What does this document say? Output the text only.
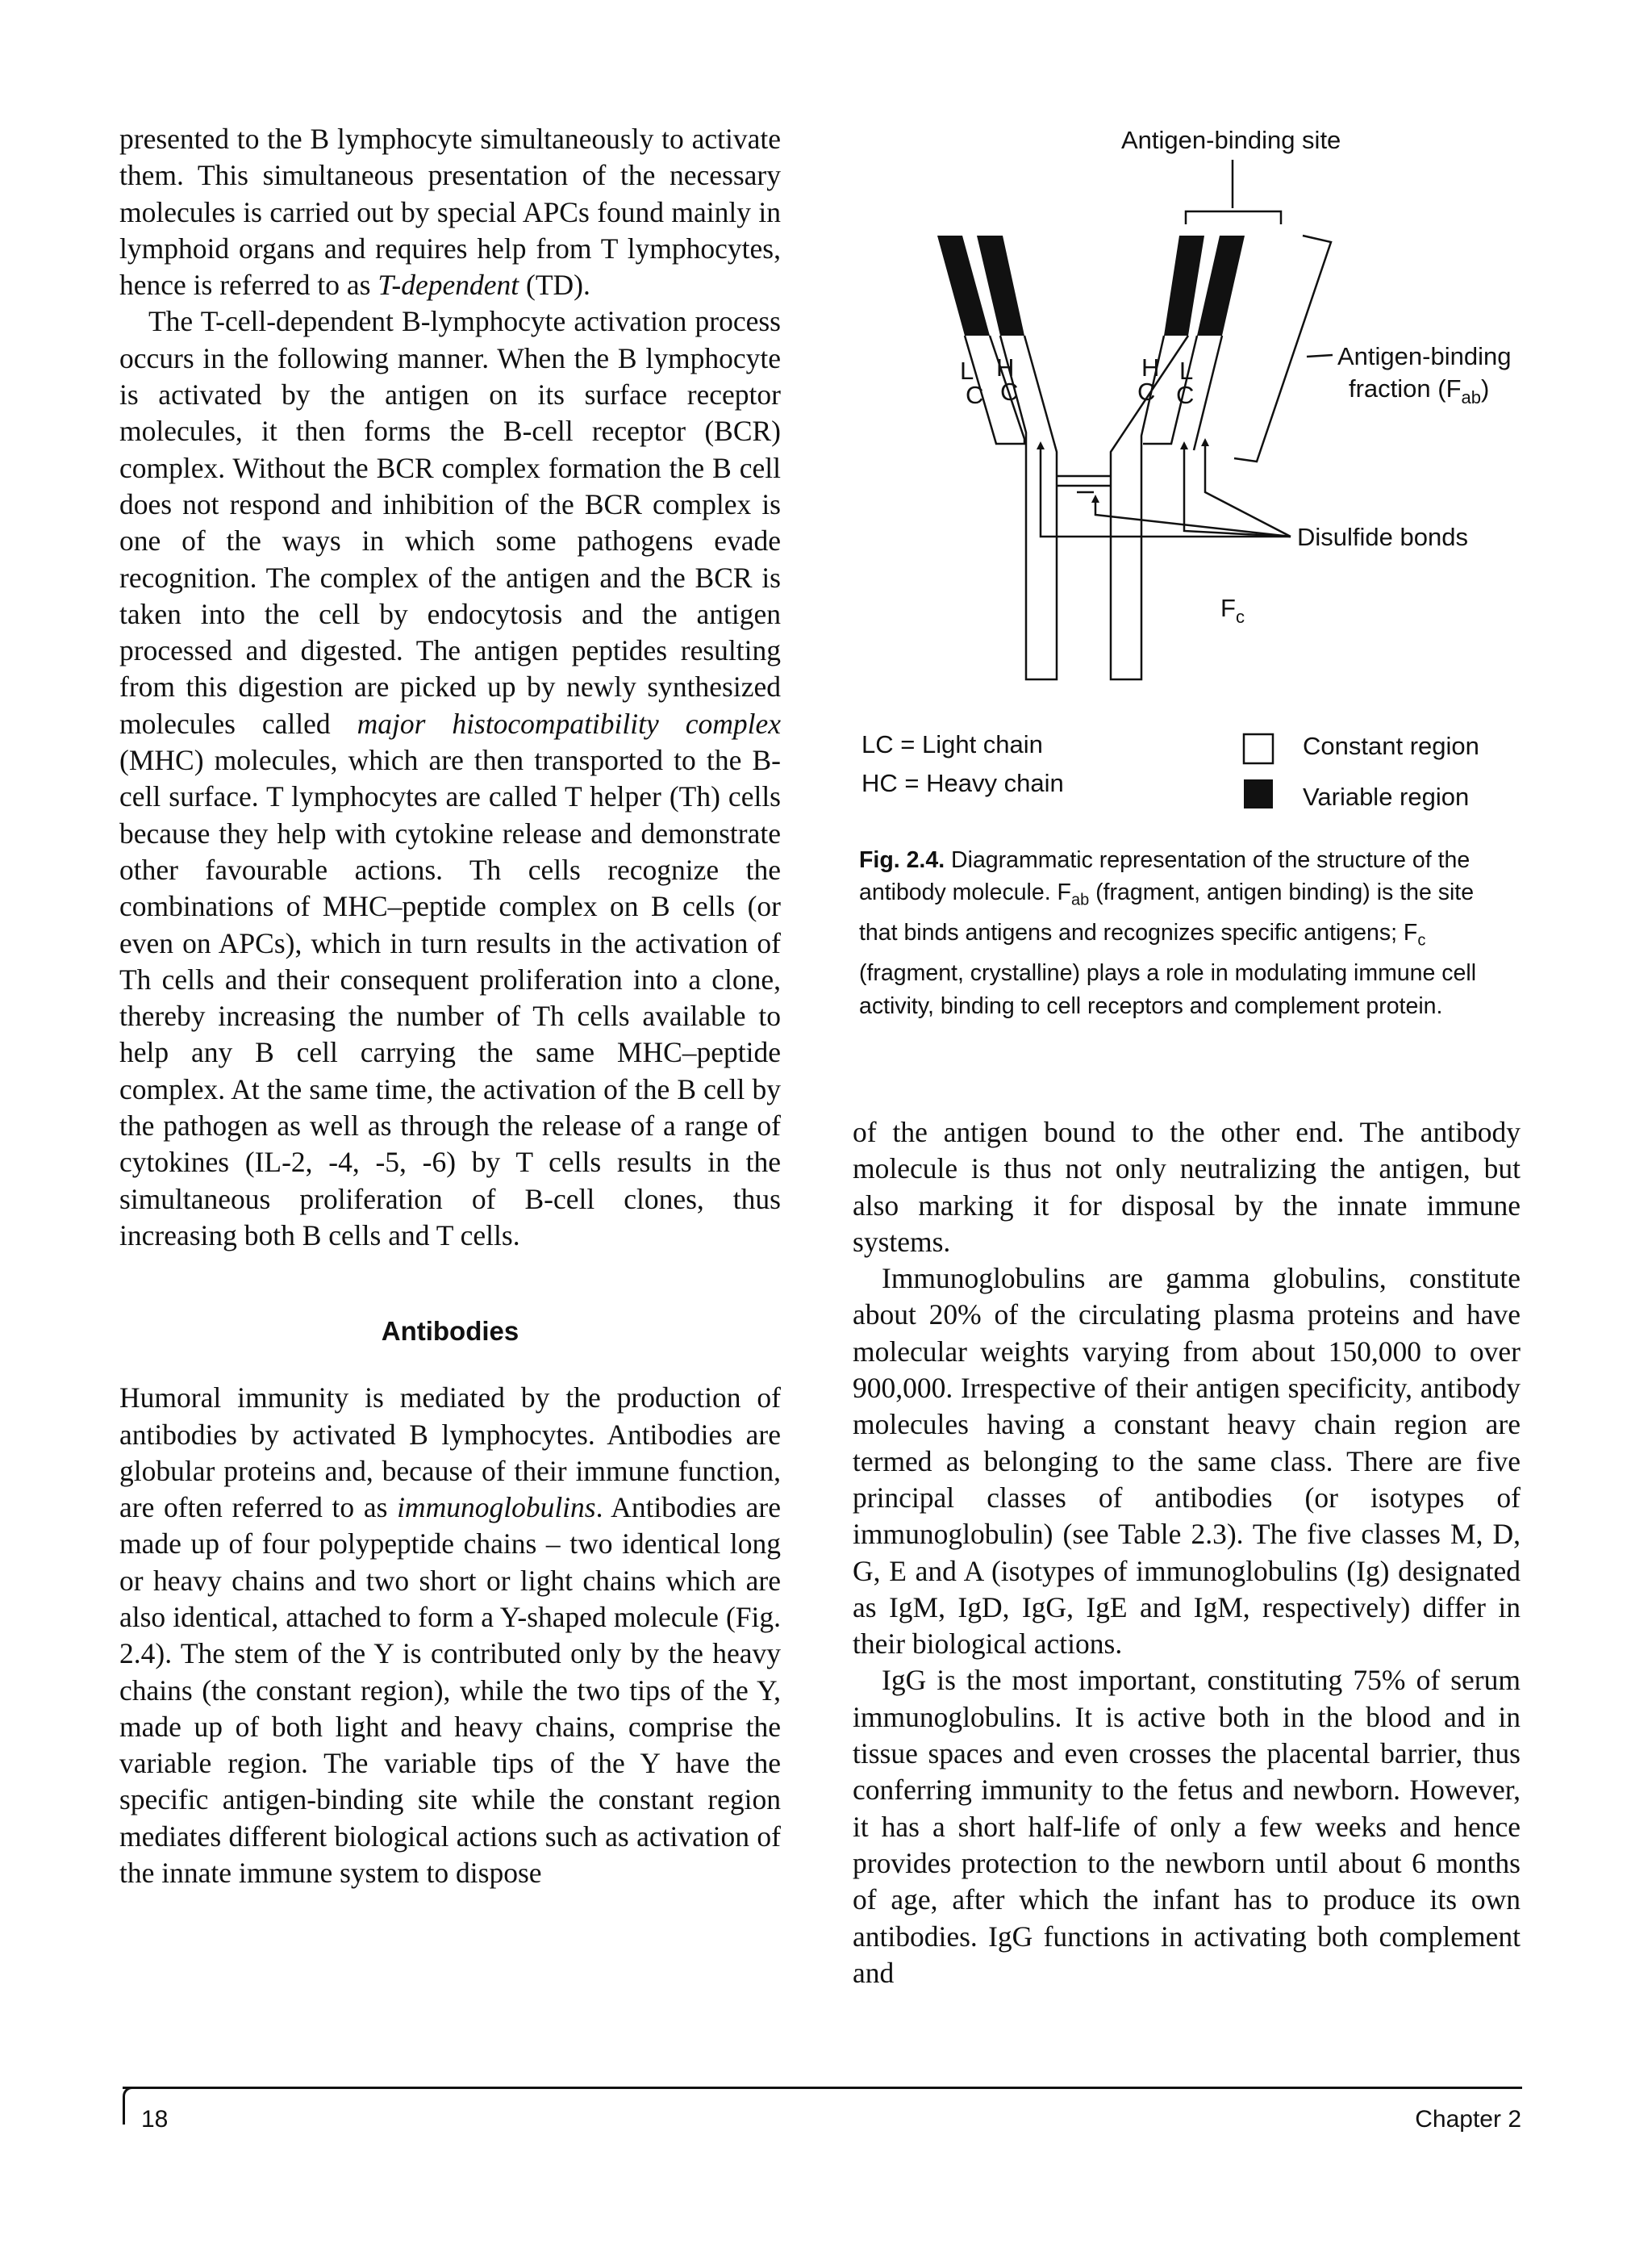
presented to the B lymphocyte simultaneously to activate them. This simultaneous presentation of the necessary molecules is carried out by special APCs found mainly in lymphoid organs and requires help from T lymphocytes, hence is referred to as T-dependent (TD).

The T-cell-dependent B-lymphocyte activation process occurs in the following manner. When the B lymphocyte is activated by the antigen on its surface receptor molecules, it then forms the B-cell receptor (BCR) complex. Without the BCR complex formation the B cell does not respond and inhibition of the BCR complex is one of the ways in which some pathogens evade recognition. The complex of the antigen and the BCR is taken into the cell by endocytosis and the antigen processed and digested. The antigen peptides resulting from this digestion are picked up by newly synthesized molecules called major histocompatibility complex (MHC) molecules, which are then transported to the B-cell surface. T lymphocytes are called T helper (Th) cells because they help with cytokine release and demonstrate other favourable actions. Th cells recognize the combinations of MHC–peptide complex on B cells (or even on APCs), which in turn results in the activation of Th cells and their consequent proliferation into a clone, thereby increasing the number of Th cells available to help any B cell carrying the same MHC–peptide complex. At the same time, the activation of the B cell by the pathogen as well as through the release of a range of cytokines (IL-2, -4, -5, -6) by T cells results in the simultaneous proliferation of B-cell clones, thus increasing both B cells and T cells.

Antibodies

Humoral immunity is mediated by the production of antibodies by activated B lymphocytes. Antibodies are globular proteins and, because of their immune function, are often referred to as immunoglobulins. Antibodies are made up of four polypeptide chains – two identical long or heavy chains and two short or light chains which are also identical, attached to form a Y-shaped molecule (Fig. 2.4). The stem of the Y is contributed only by the heavy chains (the constant region), while the two tips of the Y, made up of both light and heavy chains, comprise the variable region. The variable tips of the Y have the specific antigen-binding site while the constant region mediates different biological actions such as activation of the innate immune system to dispose

Antigen-binding site
L
C
H
C
H
C
L
C
Antigen-binding
fraction $(F_{ab})$
Disulfide bonds
$F_c$
LC = Light chain
HC = Heavy chain
Constant region
Variable region
Fig. 2.4. Diagrammatic representation of the structure of the antibody molecule. $F_{ab}$ (fragment, antigen binding) is the site that binds antigens and recognizes specific antigens; $F_c$ (fragment, crystalline) plays a role in modulating immune cell activity, binding to cell receptors and complement protein.

of the antigen bound to the other end. The antibody molecule is thus not only neutralizing the antigen, but also marking it for disposal by the innate immune systems.

Immunoglobulins are gamma globulins, constitute about 20% of the circulating plasma proteins and have molecular weights varying from about 150,000 to over 900,000. Irrespective of their antigen specificity, antibody molecules having a constant heavy chain region are termed as belonging to the same class. There are five principal classes of antibodies (or isotypes of immunoglobulin) (see Table 2.3). The five classes M, D, G, E and A (isotypes of immunoglobulins (Ig) designated as IgM, IgD, IgG, IgE and IgM, respectively) differ in their biological actions.

IgG is the most important, constituting 75% of serum immunoglobulins. It is active both in the blood and in tissue spaces and even crosses the placental barrier, thus conferring immunity to the fetus and newborn. However, it has a short half-life of only a few weeks and hence provides protection to the newborn until about 6 months of age, after which the infant has to produce its own antibodies. IgG functions in activating both complement and

18	Chapter 2
